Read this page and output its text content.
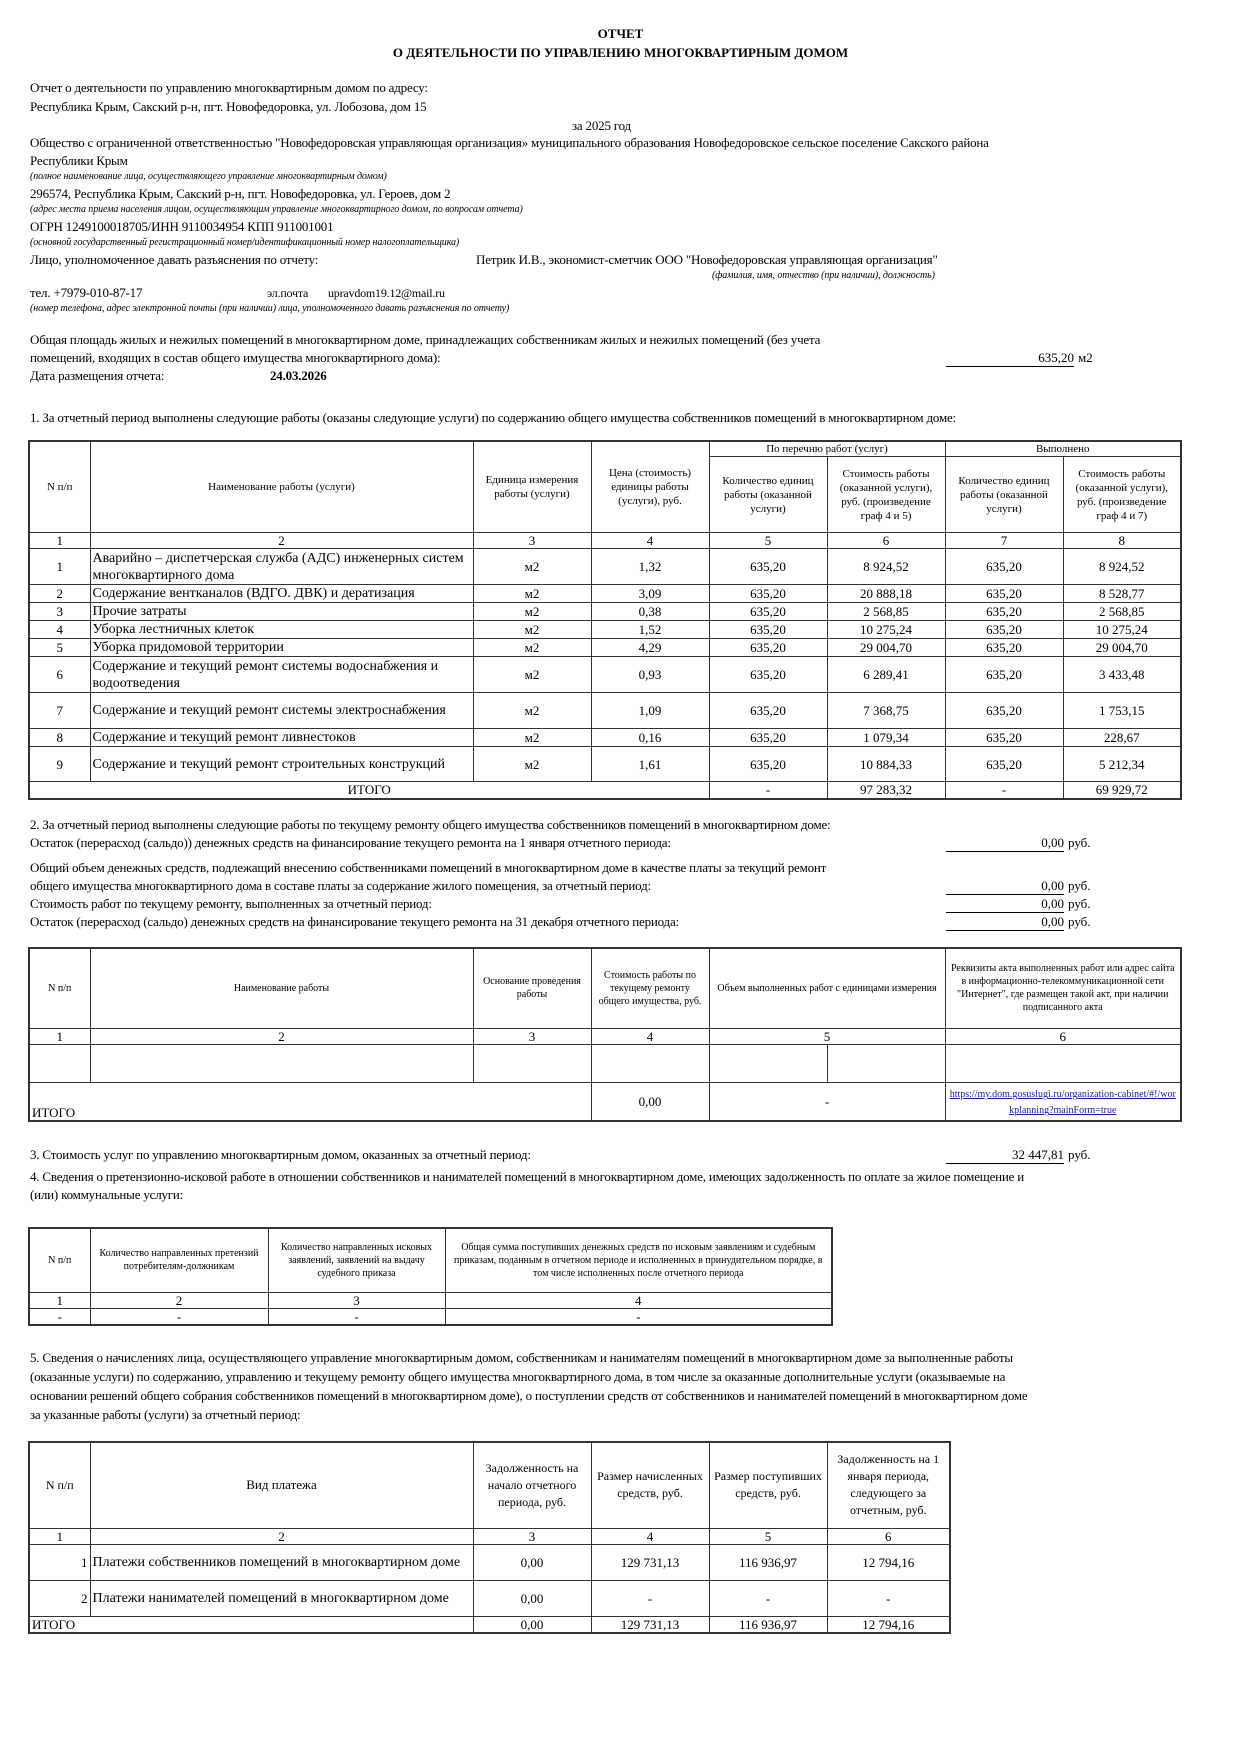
ОТЧЕТ
О ДЕЯТЕЛЬНОСТИ ПО УПРАВЛЕНИЮ МНОГОКВАРТИРНЫМ ДОМОМ
Отчет о деятельности по управлению многоквартирным домом по адресу:
Республика Крым, Сакский р-н, пгт. Новофедоровка, ул. Лобозова, дом 15
за 2025 год
Общество с ограниченной ответственностью "Новофедоровская управляющая организация» муниципального образования Новофедоровское сельское поселение Сакского района
Республики Крым
(полное наименование лица, осуществляющего управление многоквартирным домом)
296574, Республика Крым, Сакский р-н, пгт. Новофедоровка, ул. Героев, дом 2
(адрес места приема населения лицом, осуществляющим управление многоквартирного домом, по вопросам отчета)
ОГРН 1249100018705/ИНН 9110034954 КПП 911001001
(основной государственный регистрационный номер/идентификационный номер налогоплательщика)
Лицо, уполномоченное давать разъяснения по отчету:	Петрик И.В., экономист-сметчик ООО "Новофедоровская управляющая организация"
(фамилия, имя, отчество (при наличии), должность)
тел. +7979-010-87-17	эл.почта upravdom19.12@mail.ru
(номер телефона, адрес электронной почты (при наличии) лица, уполномоченного давать разъяснения по отчету)
Общая площадь жилых и нежилых помещений в многоквартирном доме, принадлежащих собственникам жилых и нежилых помещений (без учета
помещений, входящих в состав общего имущества многоквартирного дома):	635,20 м2
Дата размещения отчета:	24.03.2026
1. За отчетный период выполнены следующие работы (оказаны следующие услуги) по содержанию общего имущества собственников помещений в многоквартирном доме:
N п/п	Наименование работы (услуги)	Единица измерения работы (услуги)	Цена (стоимость) единицы работы (услуги), руб.	По перечню работ (услуг)		Выполнено	
				Количество единиц работы (оказанной услуги)	Стоимость работы (оказанной услуги), руб. (произведение граф 4 и 5)	Количество единиц работы (оказанной услуги)	Стоимость работы (оказанной услуги), руб. (произведение граф 4 и 7)
1	2	3	4	5	6	7	8
1	Аварийно – диспетчерская служба (АДС) инженерных систем многоквартирного дома	м2	1,32	635,20	8 924,52	635,20	8 924,52
2	Содержание вентканалов (ВДГО. ДВК) и дератизация	м2	3,09	635,20	20 888,18	635,20	8 528,77
3	Прочие затраты	м2	0,38	635,20	2 568,85	635,20	2 568,85
4	Уборка лестничных клеток	м2	1,52	635,20	10 275,24	635,20	10 275,24
5	Уборка придомовой территории	м2	4,29	635,20	29 004,70	635,20	29 004,70
6	Содержание и текущий ремонт системы водоснабжения и водоотведения	м2	0,93	635,20	6 289,41	635,20	3 433,48
7	Содержание и текущий ремонт системы электроснабжения	м2	1,09	635,20	7 368,75	635,20	1 753,15
8	Содержание и текущий ремонт ливнестоков	м2	0,16	635,20	1 079,34	635,20	228,67
9	Содержание и текущий ремонт строительных конструкций	м2	1,61	635,20	10 884,33	635,20	5 212,34
ИТОГО				-	97 283,32	-	69 929,72
2. За отчетный период выполнены следующие работы по текущему ремонту общего имущества собственников помещений в многоквартирном доме:
Остаток (перерасход (сальдо)) денежных средств на финансирование текущего ремонта на 1 января отчетного периода:	0,00 руб.
Общий объем денежных средств, подлежащий внесению собственниками помещений в многоквартирном доме в качестве платы за текущий ремонт
общего имущества многоквартирного дома в составе платы за содержание жилого помещения, за отчетный период:	0,00 руб.
Стоимость работ по текущему ремонту, выполненных за отчетный период:	0,00 руб.
Остаток (перерасход (сальдо) денежных средств на финансирование текущего ремонта на 31 декабря отчетного периода:	0,00 руб.
N п/п	Наименование работы	Основание проведения работы	Стоимость работы по текущему ремонту общего имущества, руб.	Объем выполненных работ с единицами измерения		Реквизиты акта выполненных работ или адрес сайта в информационно-телекоммуникационной сети "Интернет", где размещен такой акт, при наличии подписанного акта
1	2	3	4	5		6

ИТОГО			0,00	-		https://my.dom.gosuslugi.ru/organization-cabinet/#!/workplanning?mainForm=true
3. Стоимость услуг по управлению многоквартирным домом, оказанных за отчетный период:	32 447,81 руб.
4. Сведения о претензионно-исковой работе в отношении собственников и нанимателей помещений в многоквартирном доме, имеющих задолженность по оплате за жилое помещение и
(или) коммунальные услуги:
N п/п	Количество направленных претензий потребителям-должникам	Количество направленных исковых заявлений, заявлений на выдачу судебного приказа	Общая сумма поступивших денежных средств по исковым заявлениям и судебным приказам, поданным в отчетном периоде и исполненных в принудительном порядке, в том числе исполненных после отчетного периода
1	2	3	4
-	-	-	-
5. Сведения о начислениях лица, осуществляющего управление многоквартирным домом, собственникам и нанимателям помещений в многоквартирном доме за выполненные работы
(оказанные услуги) по содержанию, управлению и текущему ремонту общего имущества многоквартирного дома, в том числе за оказанные дополнительные услуги (оказываемые на
основании решений общего собрания собственников помещений в многоквартирном доме), о поступлении средств от собственников и нанимателей помещений в многоквартирном доме
за указанные работы (услуги) за отчетный период:
N п/п	Вид платежа	Задолженность на начало отчетного периода, руб.	Размер начисленных средств, руб.	Размер поступивших средств, руб.	Задолженность на 1 января периода, следующего за отчетным, руб.
1	2	3	4	5	6
1	Платежи собственников помещений в многоквартирном доме	0,00	129 731,13	116 936,97	12 794,16
2	Платежи нанимателей помещений в многоквартирном доме	0,00	-	-	-
ИТОГО		0,00	129 731,13	116 936,97	12 794,16
